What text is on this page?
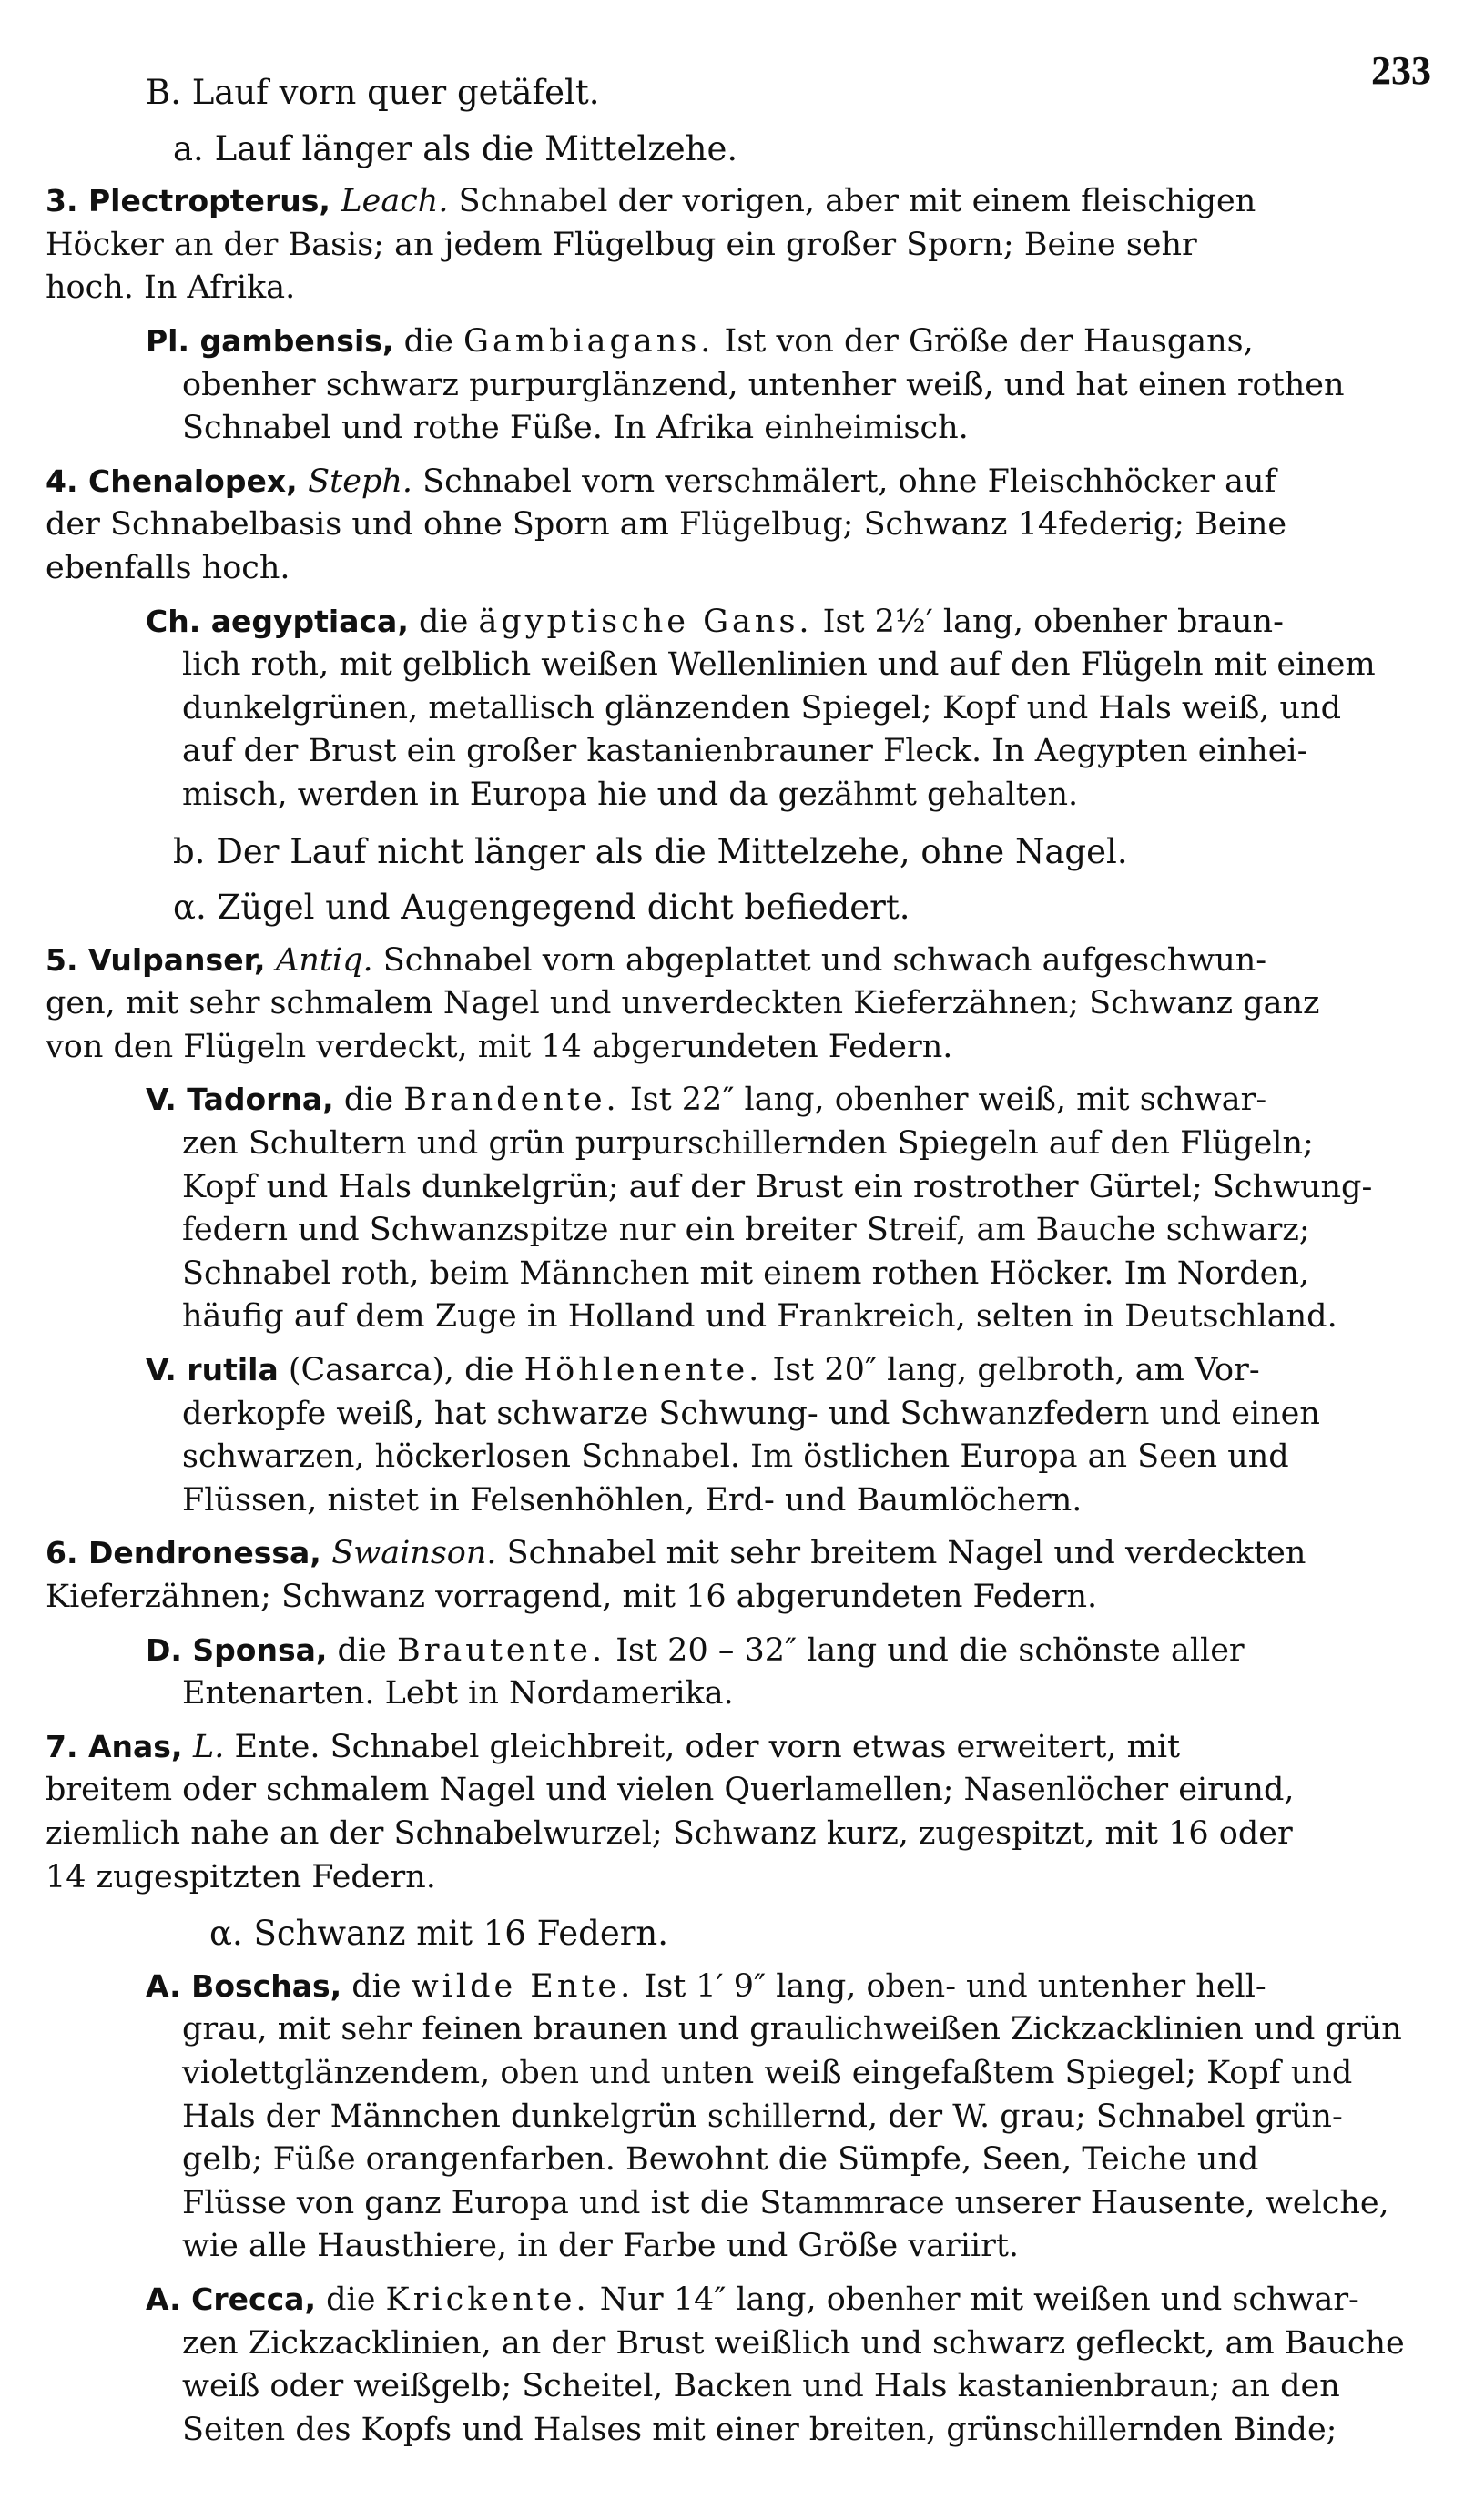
233
B. Lauf vorn quer getäfelt.
a. Lauf länger als die Mittelzehe.
3. Plectropterus, Leach. Schnabel der vorigen, aber mit einem fleischigen
Höcker an der Basis; an jedem Flügelbug ein großer Sporn; Beine sehr
hoch. In Afrika.
Pl. gambensis, die Gambiagans. Ist von der Größe der Hausgans,
obenher schwarz purpurglänzend, untenher weiß, und hat einen rothen
Schnabel und rothe Füße. In Afrika einheimisch.
4. Chenalopex, Steph. Schnabel vorn verschmälert, ohne Fleischhöcker auf
der Schnabelbasis und ohne Sporn am Flügelbug; Schwanz 14federig; Beine
ebenfalls hoch.
Ch. aegyptiaca, die ägyptische Gans. Ist 2½′ lang, obenher braun-
lich roth, mit gelblich weißen Wellenlinien und auf den Flügeln mit einem
dunkelgrünen, metallisch glänzenden Spiegel; Kopf und Hals weiß, und
auf der Brust ein großer kastanienbrauner Fleck. In Aegypten einhei-
misch, werden in Europa hie und da gezähmt gehalten.
b. Der Lauf nicht länger als die Mittelzehe, ohne Nagel.
α. Zügel und Augengegend dicht befiedert.
5. Vulpanser, Antiq. Schnabel vorn abgeplattet und schwach aufgeschwun-
gen, mit sehr schmalem Nagel und unverdeckten Kieferzähnen; Schwanz ganz
von den Flügeln verdeckt, mit 14 abgerundeten Federn.
V. Tadorna, die Brandente. Ist 22″ lang, obenher weiß, mit schwar-
zen Schultern und grün purpurschillernden Spiegeln auf den Flügeln;
Kopf und Hals dunkelgrün; auf der Brust ein rostrother Gürtel; Schwung-
federn und Schwanzspitze nur ein breiter Streif, am Bauche schwarz;
Schnabel roth, beim Männchen mit einem rothen Höcker. Im Norden,
häufig auf dem Zuge in Holland und Frankreich, selten in Deutschland.
V. rutila (Casarca), die Höhlenente. Ist 20″ lang, gelbroth, am Vor-
derkopfe weiß, hat schwarze Schwung- und Schwanzfedern und einen
schwarzen, höckerlosen Schnabel. Im östlichen Europa an Seen und
Flüssen, nistet in Felsenhöhlen, Erd- und Baumlöchern.
6. Dendronessa, Swainson. Schnabel mit sehr breitem Nagel und verdeckten
Kieferzähnen; Schwanz vorragend, mit 16 abgerundeten Federn.
D. Sponsa, die Brautente. Ist 20 – 32″ lang und die schönste aller
Entenarten. Lebt in Nordamerika.
7. Anas, L. Ente. Schnabel gleichbreit, oder vorn etwas erweitert, mit
breitem oder schmalem Nagel und vielen Querlamellen; Nasenlöcher eirund,
ziemlich nahe an der Schnabelwurzel; Schwanz kurz, zugespitzt, mit 16 oder
14 zugespitzten Federn.
α. Schwanz mit 16 Federn.
A. Boschas, die wilde Ente. Ist 1′ 9″ lang, oben- und untenher hell-
grau, mit sehr feinen braunen und graulichweißen Zickzacklinien und grün
violettglänzendem, oben und unten weiß eingefaßtem Spiegel; Kopf und
Hals der Männchen dunkelgrün schillernd, der W. grau; Schnabel grün-
gelb; Füße orangenfarben. Bewohnt die Sümpfe, Seen, Teiche und
Flüsse von ganz Europa und ist die Stammrace unserer Hausente, welche,
wie alle Hausthiere, in der Farbe und Größe variirt.
A. Crecca, die Krickente. Nur 14″ lang, obenher mit weißen und schwar-
zen Zickzacklinien, an der Brust weißlich und schwarz gefleckt, am Bauche
weiß oder weißgelb; Scheitel, Backen und Hals kastanienbraun; an den
Seiten des Kopfs und Halses mit einer breiten, grünschillernden Binde;
